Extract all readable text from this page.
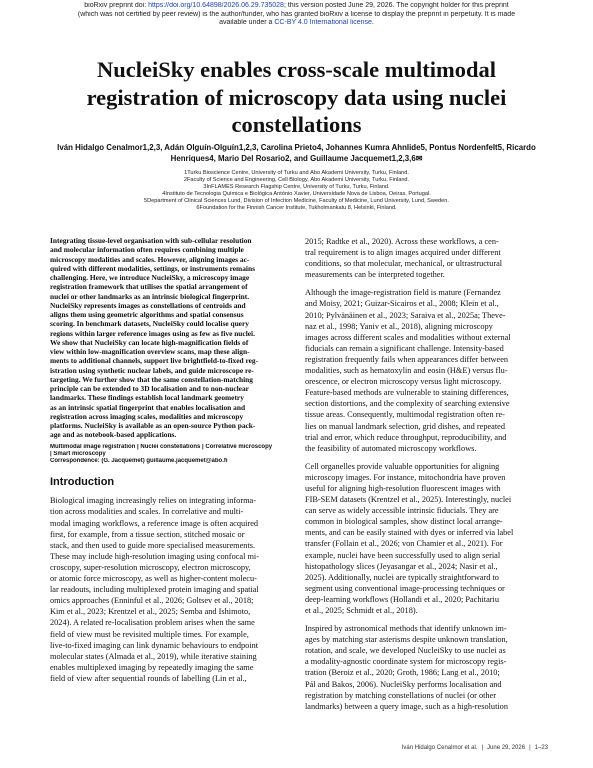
bioRxiv preprint doi: https://doi.org/10.64898/2026.06.29.735028; this version posted June 29, 2026. The copyright holder for this preprint
(which was not certified by peer review) is the author/funder, who has granted bioRxiv a license to display the preprint in perpetuity. It is made
available under a CC-BY 4.0 International license.
NucleiSky enables cross-scale multimodal
registration of microscopy data using nuclei
constellations
Iván Hidalgo Cenalmor1,2,3, Adán Olguín-Olguín1,2,3, Carolina Prieto4, Johannes Kumra Ahnlide5, Pontus Nordenfelt5, Ricardo
Henriques4, Mario Del Rosario2, and Guillaume Jacquemet1,2,3,6✉
1Turku Bioscience Centre, University of Turku and Åbo Akademi University, Turku, Finland.
2Faculty of Science and Engineering, Cell Biology, Åbo Akademi University, Turku, Finland.
3InFLAMES Research Flagship Centre, University of Turku, Turku, Finland.
4Instituto de Tecnologia Química e Biológica António Xavier, Universidade Nova de Lisboa, Oeiras, Portugal.
5Department of Clinical Sciences Lund, Division of Infection Medicine, Faculty of Medicine, Lund University, Lund, Sweden.
6Foundation for the Finnish Cancer Institute, Tukholmankatu 8, Helsinki, Finland.
Integrating tissue-level organisation with sub-cellular resolution
and molecular information often requires combining multiple
microscopy modalities and scales. However, aligning images ac-
quired with different modalities, settings, or instruments remains
challenging. Here, we introduce NucleiSky, a microscopy image
registration framework that utilises the spatial arrangement of
nuclei or other landmarks as an intrinsic biological fingerprint.
NucleiSky represents images as constellations of centroids and
aligns them using geometric algorithms and spatial consensus
scoring. In benchmark datasets, NucleiSky could localise query
regions within larger reference images using as few as five nuclei.
We show that NucleiSky can locate high-magnification fields of
view within low-magnification overview scans, map these align-
ments to additional channels, support live brightfield-to-fixed reg-
istration using synthetic nuclear labels, and guide microscope re-
targeting. We further show that the same constellation-matching
principle can be extended to 3D localisation and to non-nuclear
landmarks. These findings establish local landmark geometry
as an intrinsic spatial fingerprint that enables localisation and
registration across imaging scales, modalities and microscopy
platforms. NucleiSky is available as an open-source Python pack-
age and as notebook-based applications.
Multimodal image registration | Nuclei constellations | Correlative microscopy
| Smart microscopy
Correspondence: (G. Jacquemet) guillaume.jacquemet@abo.fi
Introduction
Biological imaging increasingly relies on integrating informa-
tion across modalities and scales. In correlative and multi-
modal imaging workflows, a reference image is often acquired
first, for example, from a tissue section, stitched mosaic or
stack, and then used to guide more specialised measurements.
These may include high-resolution imaging using confocal mi-
croscopy, super-resolution microscopy, electron microscopy,
or atomic force microscopy, as well as higher-content molecu-
lar readouts, including multiplexed protein imaging and spatial
omics approaches (Enninful et al., 2026; Goltsev et al., 2018;
Kim et al., 2023; Krentzel et al., 2025; Semba and Ishimoto,
2024). A related re-localisation problem arises when the same
field of view must be revisited multiple times. For example,
live-to-fixed imaging can link dynamic behaviours to endpoint
molecular states (Almada et al., 2019), while iterative staining
enables multiplexed imaging by repeatedly imaging the same
field of view after sequential rounds of labelling (Lin et al.,
2015; Radtke et al., 2020). Across these workflows, a cen-
tral requirement is to align images acquired under different
conditions, so that molecular, mechanical, or ultrastructural
measurements can be interpreted together.
Although the image-registration field is mature (Fernandez
and Moisy, 2021; Guizar-Sicairos et al., 2008; Klein et al.,
2010; Pylvänäinen et al., 2023; Saraiva et al., 2025a; Theve-
naz et al., 1998; Yaniv et al., 2018), aligning microscopy
images across different scales and modalities without external
fiducials can remain a significant challenge. Intensity-based
registration frequently fails when appearances differ between
modalities, such as hematoxylin and eosin (H&E) versus flu-
orescence, or electron microscopy versus light microscopy.
Feature-based methods are vulnerable to staining differences,
section distortions, and the complexity of searching extensive
tissue areas. Consequently, multimodal registration often re-
lies on manual landmark selection, grid dishes, and repeated
trial and error, which reduce throughput, reproducibility, and
the feasibility of automated microscopy workflows.
Cell organelles provide valuable opportunities for aligning
microscopy images. For instance, mitochondria have proven
useful for aligning high-resolution fluorescent images with
FIB-SEM datasets (Krentzel et al., 2025). Interestingly, nuclei
can serve as widely accessible intrinsic fiducials. They are
common in biological samples, show distinct local arrange-
ments, and can be easily stained with dyes or inferred via label
transfer (Follain et al., 2026; von Chamier et al., 2021). For
example, nuclei have been successfully used to align serial
histopathology slices (Jeyasangar et al., 2024; Nasir et al.,
2025). Additionally, nuclei are typically straightforward to
segment using conventional image-processing techniques or
deep-learning workflows (Hollandi et al., 2020; Pachitariu
et al., 2025; Schmidt et al., 2018).
Inspired by astronomical methods that identify unknown im-
ages by matching star asterisms despite unknown translation,
rotation, and scale, we developed NucleiSky to use nuclei as
a modality-agnostic coordinate system for microscopy regis-
tration (Beroiz et al., 2020; Groth, 1986; Lang et al., 2010;
Pál and Bakos, 2006). NucleiSky performs localisation and
registration by matching constellations of nuclei (or other
landmarks) between a query image, such as a high-resolution
Iván Hidalgo Cenalmor et al. | June 29, 2026 | 1–23
